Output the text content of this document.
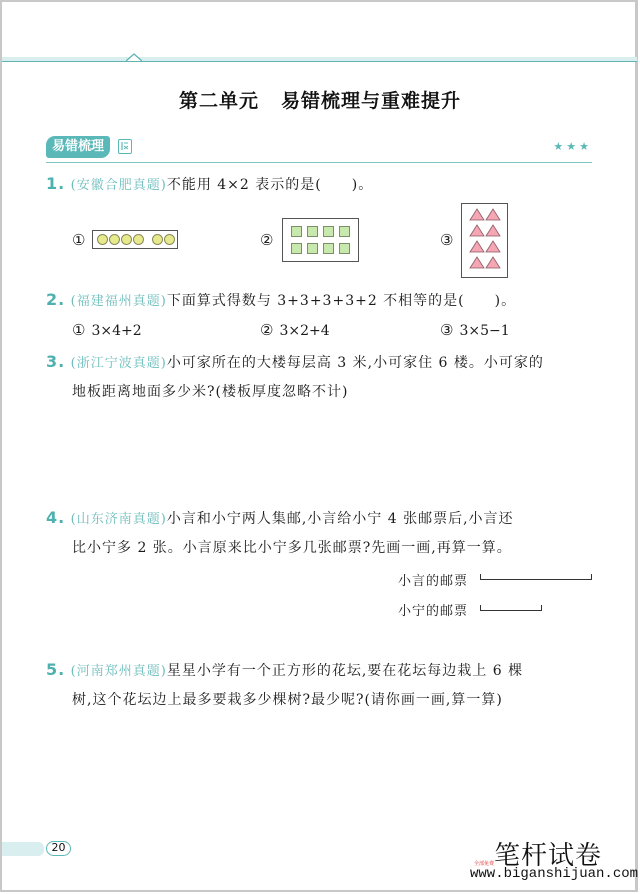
第二单元 易错梳理与重难提升
易错梳理	★★★
1. (安徽合肥真题)不能用 4×2 表示的是(　　)。
①	②	③
2. (福建福州真题)下面算式得数与 3+3+3+3+2 不相等的是(　　)。
① 3×4+2	② 3×2+4	③ 3×5−1
3. (浙江宁波真题)小可家所在的大楼每层高 3 米,小可家住 6 楼。小可家的
地板距离地面多少米?(楼板厚度忽略不计)
4. (山东济南真题)小言和小宁两人集邮,小言给小宁 4 张邮票后,小言还
比小宁多 2 张。小言原来比小宁多几张邮票?先画一画,再算一算。
小言的邮票
小宁的邮票
5. (河南郑州真题)星星小学有一个正方形的花坛,要在花坛每边栽上 6 棵
树,这个花坛边上最多要栽多少棵树?最少呢?(请你画一画,算一算)
20	笔杆试卷
全部免费
www.biganshijuan.com
